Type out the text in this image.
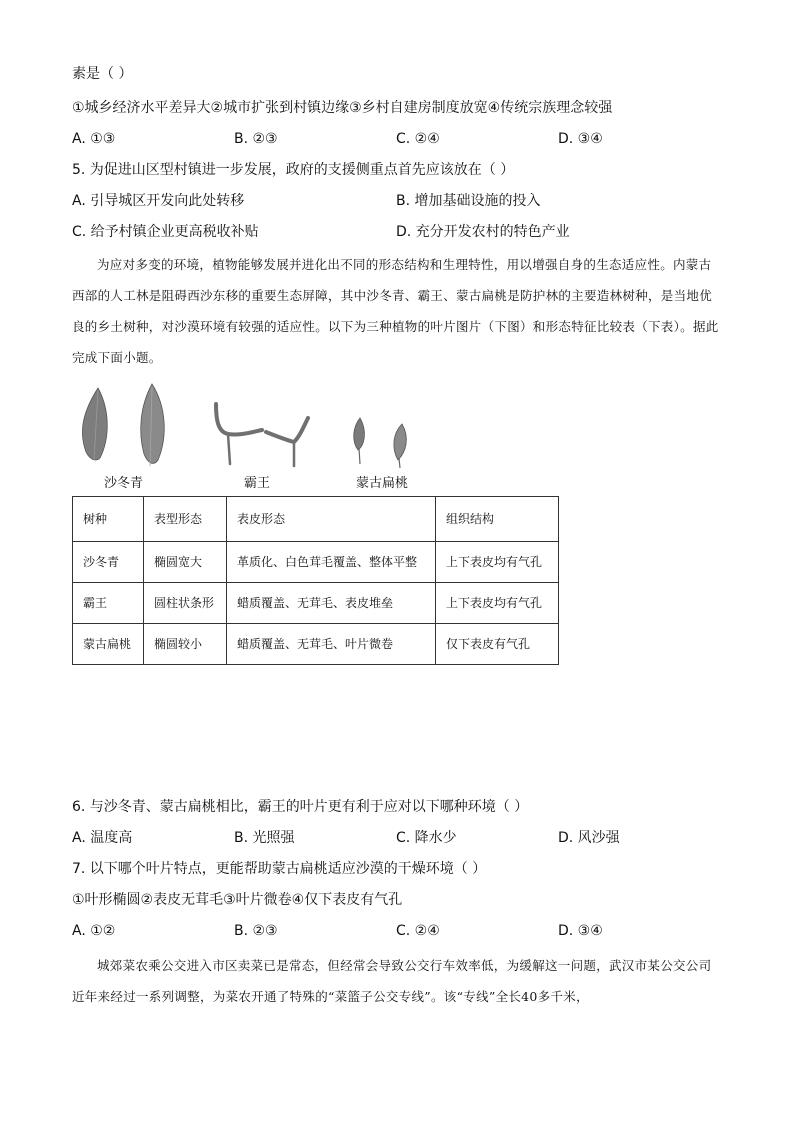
素是（ ）
①城乡经济水平差异大②城市扩张到村镇边缘③乡村自建房制度放宽④传统宗族理念较强
A. ①③	B. ②③	C. ②④	D. ③④
5. 为促进山区型村镇进一步发展，政府的支援侧重点首先应该放在（ ）
A. 引导城区开发向此处转移	B. 增加基础设施的投入
C. 给予村镇企业更高税收补贴	D. 充分开发农村的特色产业

为应对多变的环境，植物能够发展并进化出不同的形态结构和生理特性，用以增强自身的生态适应性。内蒙古西部的人工林是阻碍西沙东移的重要生态屏障，其中沙冬青、霸王、蒙古扁桃是防护林的主要造林树种，是当地优良的乡土树种，对沙漠环境有较强的适应性。以下为三种植物的叶片图片（下图）和形态特征比较表（下表）。据此完成下面小题。

沙冬青	霸王	蒙古扁桃
树种	表型形态	表皮形态	组织结构
沙冬青	椭圆宽大	革质化、白色茸毛覆盖、整体平整	上下表皮均有气孔
霸王	圆柱状条形	蜡质覆盖、无茸毛、表皮堆垒	上下表皮均有气孔
蒙古扁桃	椭圆较小	蜡质覆盖、无茸毛、叶片微卷	仅下表皮有气孔
6. 与沙冬青、蒙古扁桃相比，霸王的叶片更有利于应对以下哪种环境（ ）
A. 温度高	B. 光照强	C. 降水少	D. 风沙强
7. 以下哪个叶片特点，更能帮助蒙古扁桃适应沙漠的干燥环境（ ）
①叶形椭圆②表皮无茸毛③叶片微卷④仅下表皮有气孔
A. ①②	B. ②③	C. ②④	D. ③④

城郊菜农乘公交进入市区卖菜已是常态，但经常会导致公交行车效率低，为缓解这一问题，武汉市某公交公司近年来经过一系列调整，为菜农开通了特殊的“菜篮子公交专线”。该“专线”全长40多千米，
